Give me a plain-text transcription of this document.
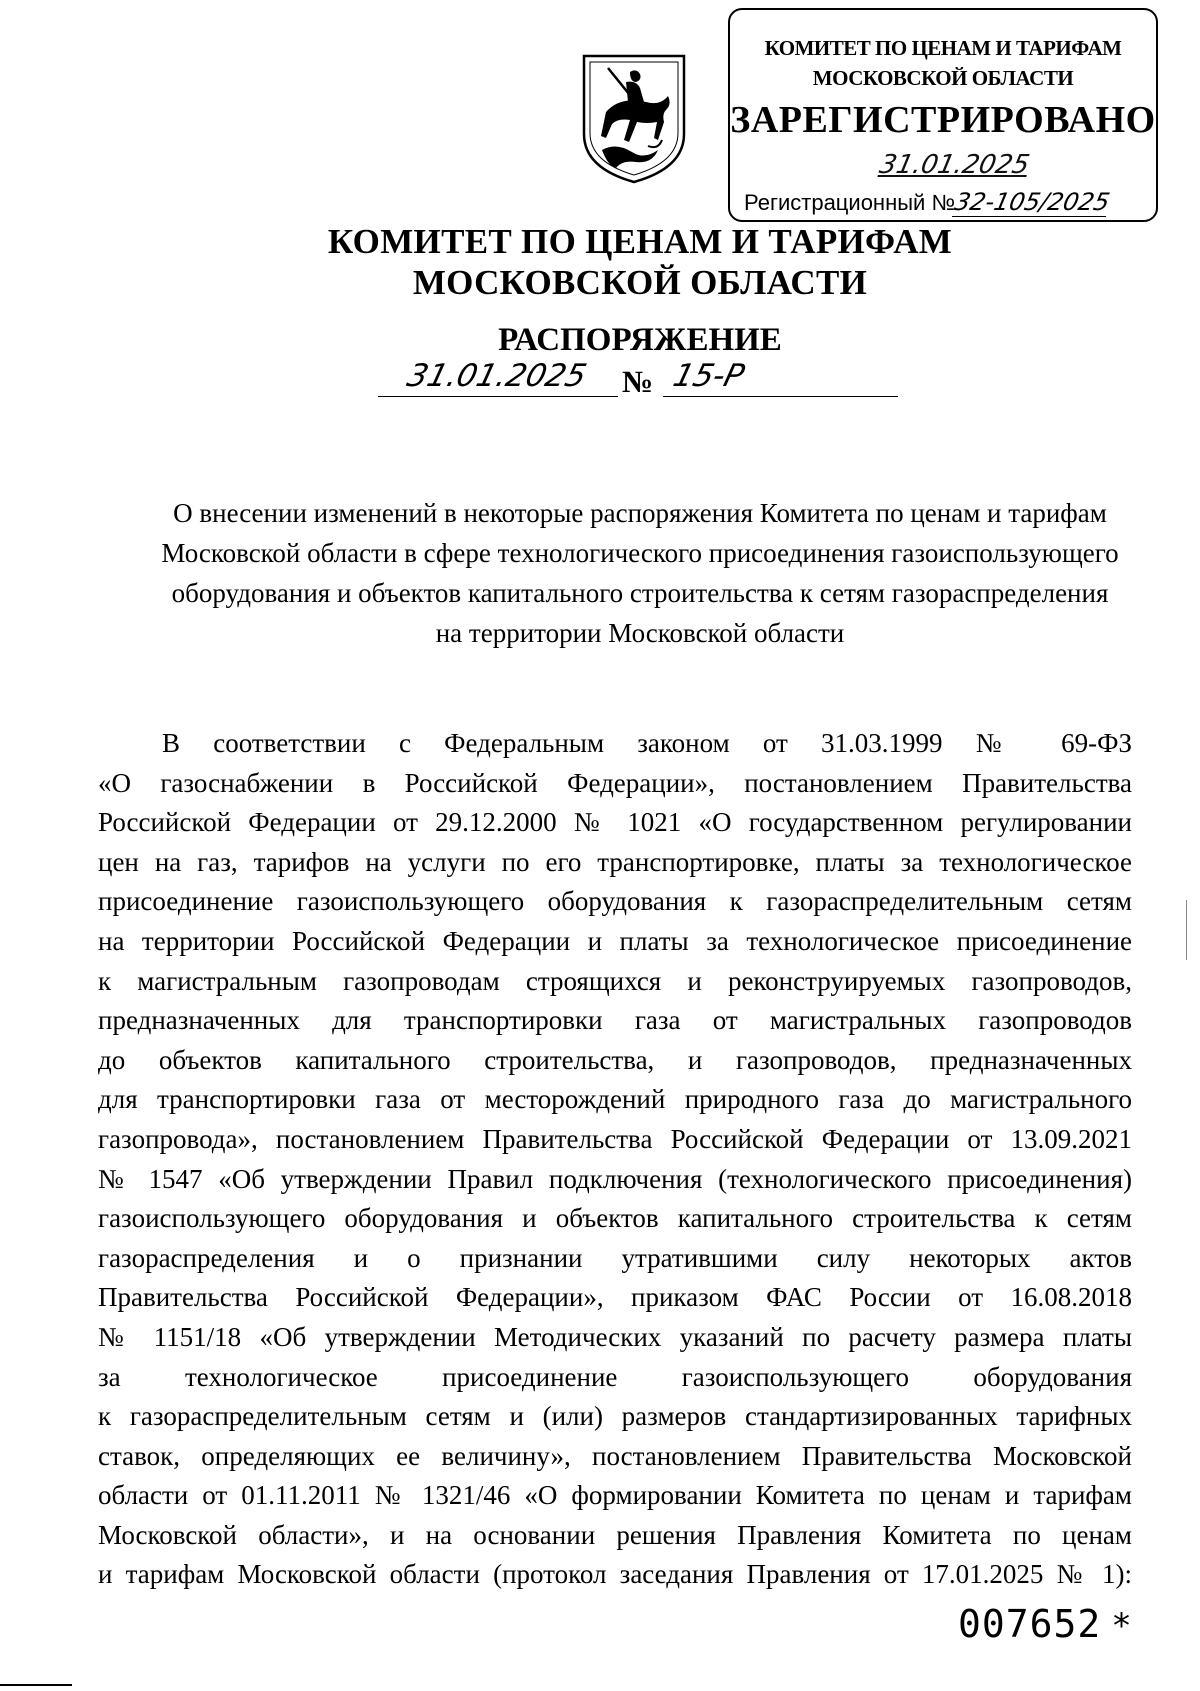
КОМИТЕТ ПО ЦЕНАМ И ТАРИФАМ
МОСКОВСКОЙ ОБЛАСТИ
ЗАРЕГИСТРИРОВАНО
31.01.2025
Регистрационный №32-105/2025
КОМИТЕТ ПО ЦЕНАМ И ТАРИФАМ
МОСКОВСКОЙ ОБЛАСТИ
РАСПОРЯЖЕНИЕ
31.01.2025 № 15-Р
О внесении изменений в некоторые распоряжения Комитета по ценам и тарифам
Московской области в сфере технологического присоединения газоиспользующего
оборудования и объектов капитального строительства к сетям газораспределения
на территории Московской области
В соответствии с Федеральным законом от 31.03.1999 № 69-ФЗ
«О газоснабжении в Российской Федерации», постановлением Правительства
Российской Федерации от 29.12.2000 № 1021 «О государственном регулировании
цен на газ, тарифов на услуги по его транспортировке, платы за технологическое
присоединение газоиспользующего оборудования к газораспределительным сетям
на территории Российской Федерации и платы за технологическое присоединение
к магистральным газопроводам строящихся и реконструируемых газопроводов,
предназначенных для транспортировки газа от магистральных газопроводов
до объектов капитального строительства, и газопроводов, предназначенных
для транспортировки газа от месторождений природного газа до магистрального
газопровода», постановлением Правительства Российской Федерации от 13.09.2021
№ 1547 «Об утверждении Правил подключения (технологического присоединения)
газоиспользующего оборудования и объектов капитального строительства к сетям
газораспределения и о признании утратившими силу некоторых актов
Правительства Российской Федерации», приказом ФАС России от 16.08.2018
№ 1151/18 «Об утверждении Методических указаний по расчету размера платы
за технологическое присоединение газоиспользующего оборудования
к газораспределительным сетям и (или) размеров стандартизированных тарифных
ставок, определяющих ее величину», постановлением Правительства Московской
области от 01.11.2011 № 1321/46 «О формировании Комитета по ценам и тарифам
Московской области», и на основании решения Правления Комитета по ценам
и тарифам Московской области (протокол заседания Правления от 17.01.2025 № 1):
007652 *
